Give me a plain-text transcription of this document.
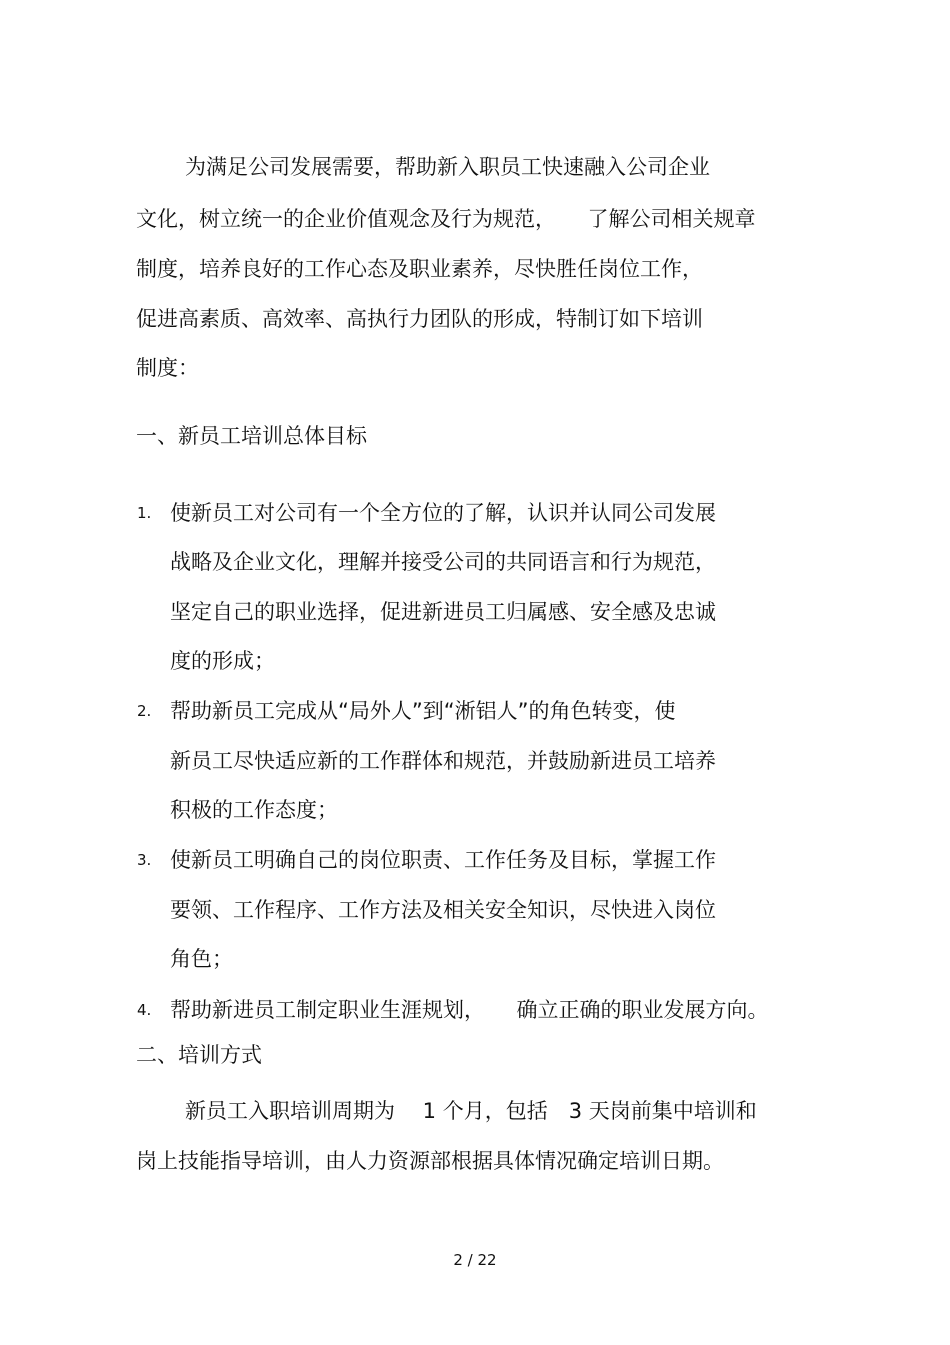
为满足公司发展需要，帮助新入职员工快速融入公司企业
文化，树立统一的企业价值观念及行为规范，　　了解公司相关规章
制度，培养良好的工作心态及职业素养，尽快胜任岗位工作，
促进高素质、高效率、高执行力团队的形成，特制订如下培训
制度：
一、新员工培训总体目标
1. 使新员工对公司有一个全方位的了解，认识并认同公司发展
战略及企业文化，理解并接受公司的共同语言和行为规范，
坚定自己的职业选择，促进新进员工归属感、安全感及忠诚
度的形成；
2. 帮助新员工完成从“局外人”到“淅铝人”的角色转变，使
新员工尽快适应新的工作群体和规范，并鼓励新进员工培养
积极的工作态度；
3. 使新员工明确自己的岗位职责、工作任务及目标，掌握工作
要领、工作程序、工作方法及相关安全知识，尽快进入岗位
角色；
4. 帮助新进员工制定职业生涯规划，　　确立正确的职业发展方向。
二、培训方式
新员工入职培训周期为　 1 个月，包括　3 天岗前集中培训和
岗上技能指导培训，由人力资源部根据具体情况确定培训日期。
2 / 22
